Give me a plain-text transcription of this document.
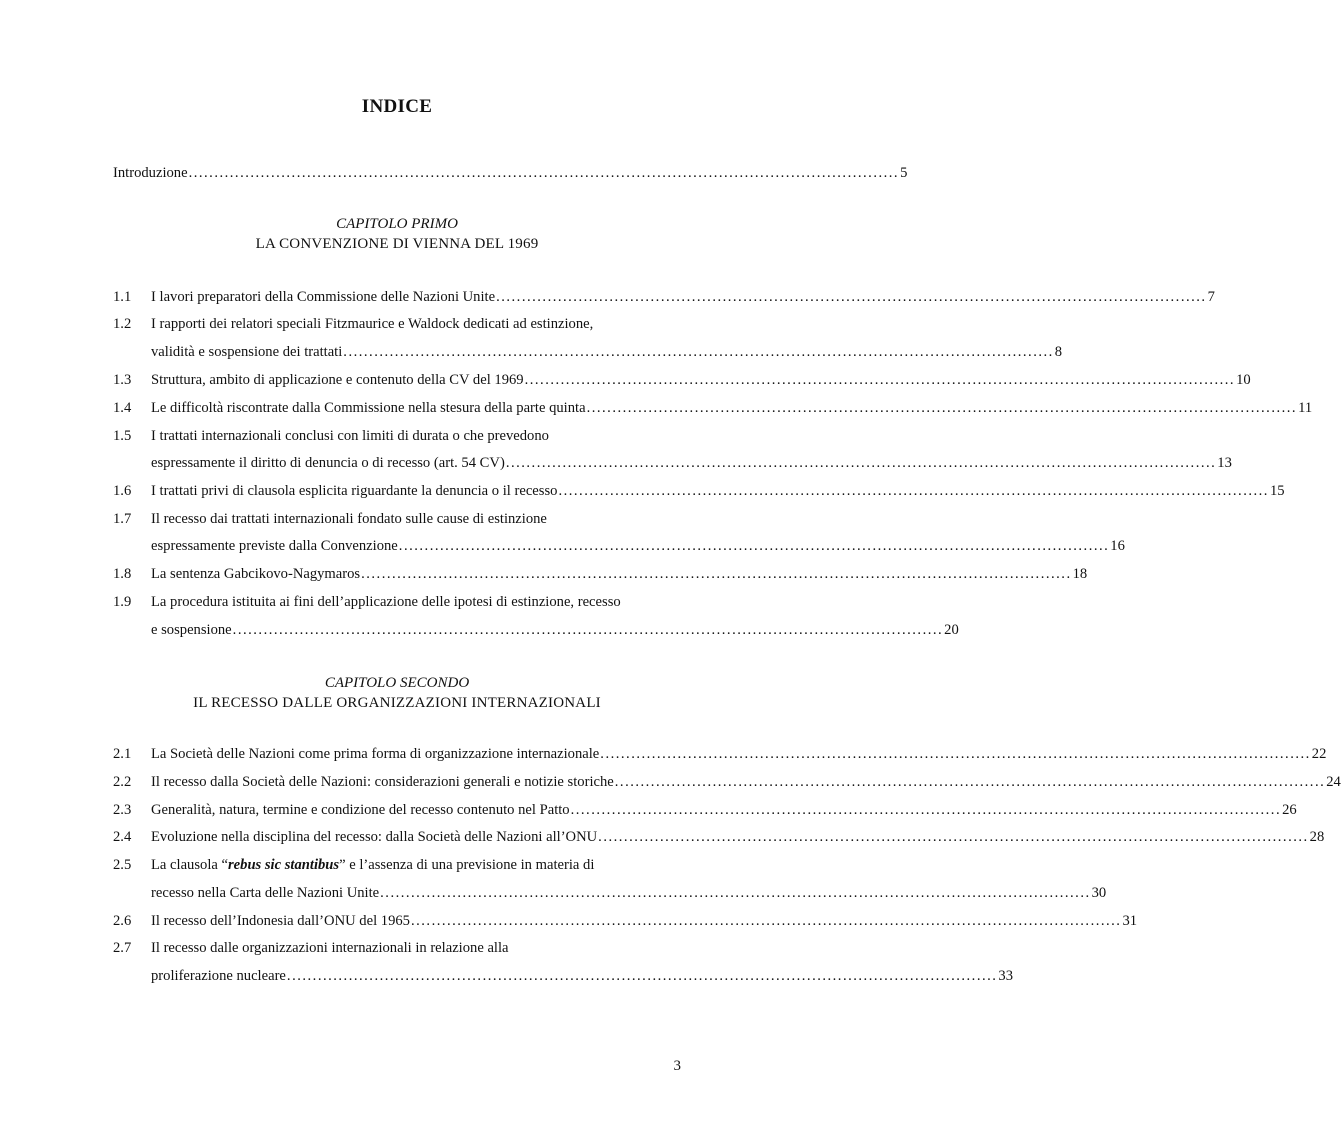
INDICE
Introduzione .......................................................................................................................................... 5
CAPITOLO PRIMO
LA CONVENZIONE DI VIENNA DEL 1969
1.1 I lavori preparatori della Commissione delle Nazioni Unite .......................................................................................................................................... 7
1.2 I rapporti dei relatori speciali Fitzmaurice e Waldock dedicati ad estinzione,
validità e sospensione dei trattati .......................................................................................................................................... 8
1.3 Struttura, ambito di applicazione e contenuto della CV del 1969 .......................................................................................................................................... 10
1.4 Le difficoltà riscontrate dalla Commissione nella stesura della parte quinta .......................................................................................................................................... 11
1.5 I trattati internazionali conclusi con limiti di durata o che prevedono
espressamente il diritto di denuncia o di recesso (art. 54 CV) .......................................................................................................................................... 13
1.6 I trattati privi di clausola esplicita riguardante la denuncia o il recesso .......................................................................................................................................... 15
1.7 Il recesso dai trattati internazionali fondato sulle cause di estinzione
espressamente previste dalla Convenzione .......................................................................................................................................... 16
1.8 La sentenza Gabcikovo-Nagymaros .......................................................................................................................................... 18
1.9 La procedura istituita ai fini dell’applicazione delle ipotesi di estinzione, recesso
e sospensione .......................................................................................................................................... 20
CAPITOLO SECONDO
IL RECESSO DALLE ORGANIZZAZIONI INTERNAZIONALI
2.1 La Società delle Nazioni come prima forma di organizzazione internazionale .......................................................................................................................................... 22
2.2 Il recesso dalla Società delle Nazioni: considerazioni generali e notizie storiche .......................................................................................................................................... 24
2.3 Generalità, natura, termine e condizione del recesso contenuto nel Patto .......................................................................................................................................... 26
2.4 Evoluzione nella disciplina del recesso: dalla Società delle Nazioni all’ONU .......................................................................................................................................... 28
2.5 La clausola “rebus sic stantibus” e l’assenza di una previsione in materia di
recesso nella Carta delle Nazioni Unite .......................................................................................................................................... 30
2.6 Il recesso dell’Indonesia dall’ONU del 1965 .......................................................................................................................................... 31
2.7 Il recesso dalle organizzazioni internazionali in relazione alla
proliferazione nucleare .......................................................................................................................................... 33
3
